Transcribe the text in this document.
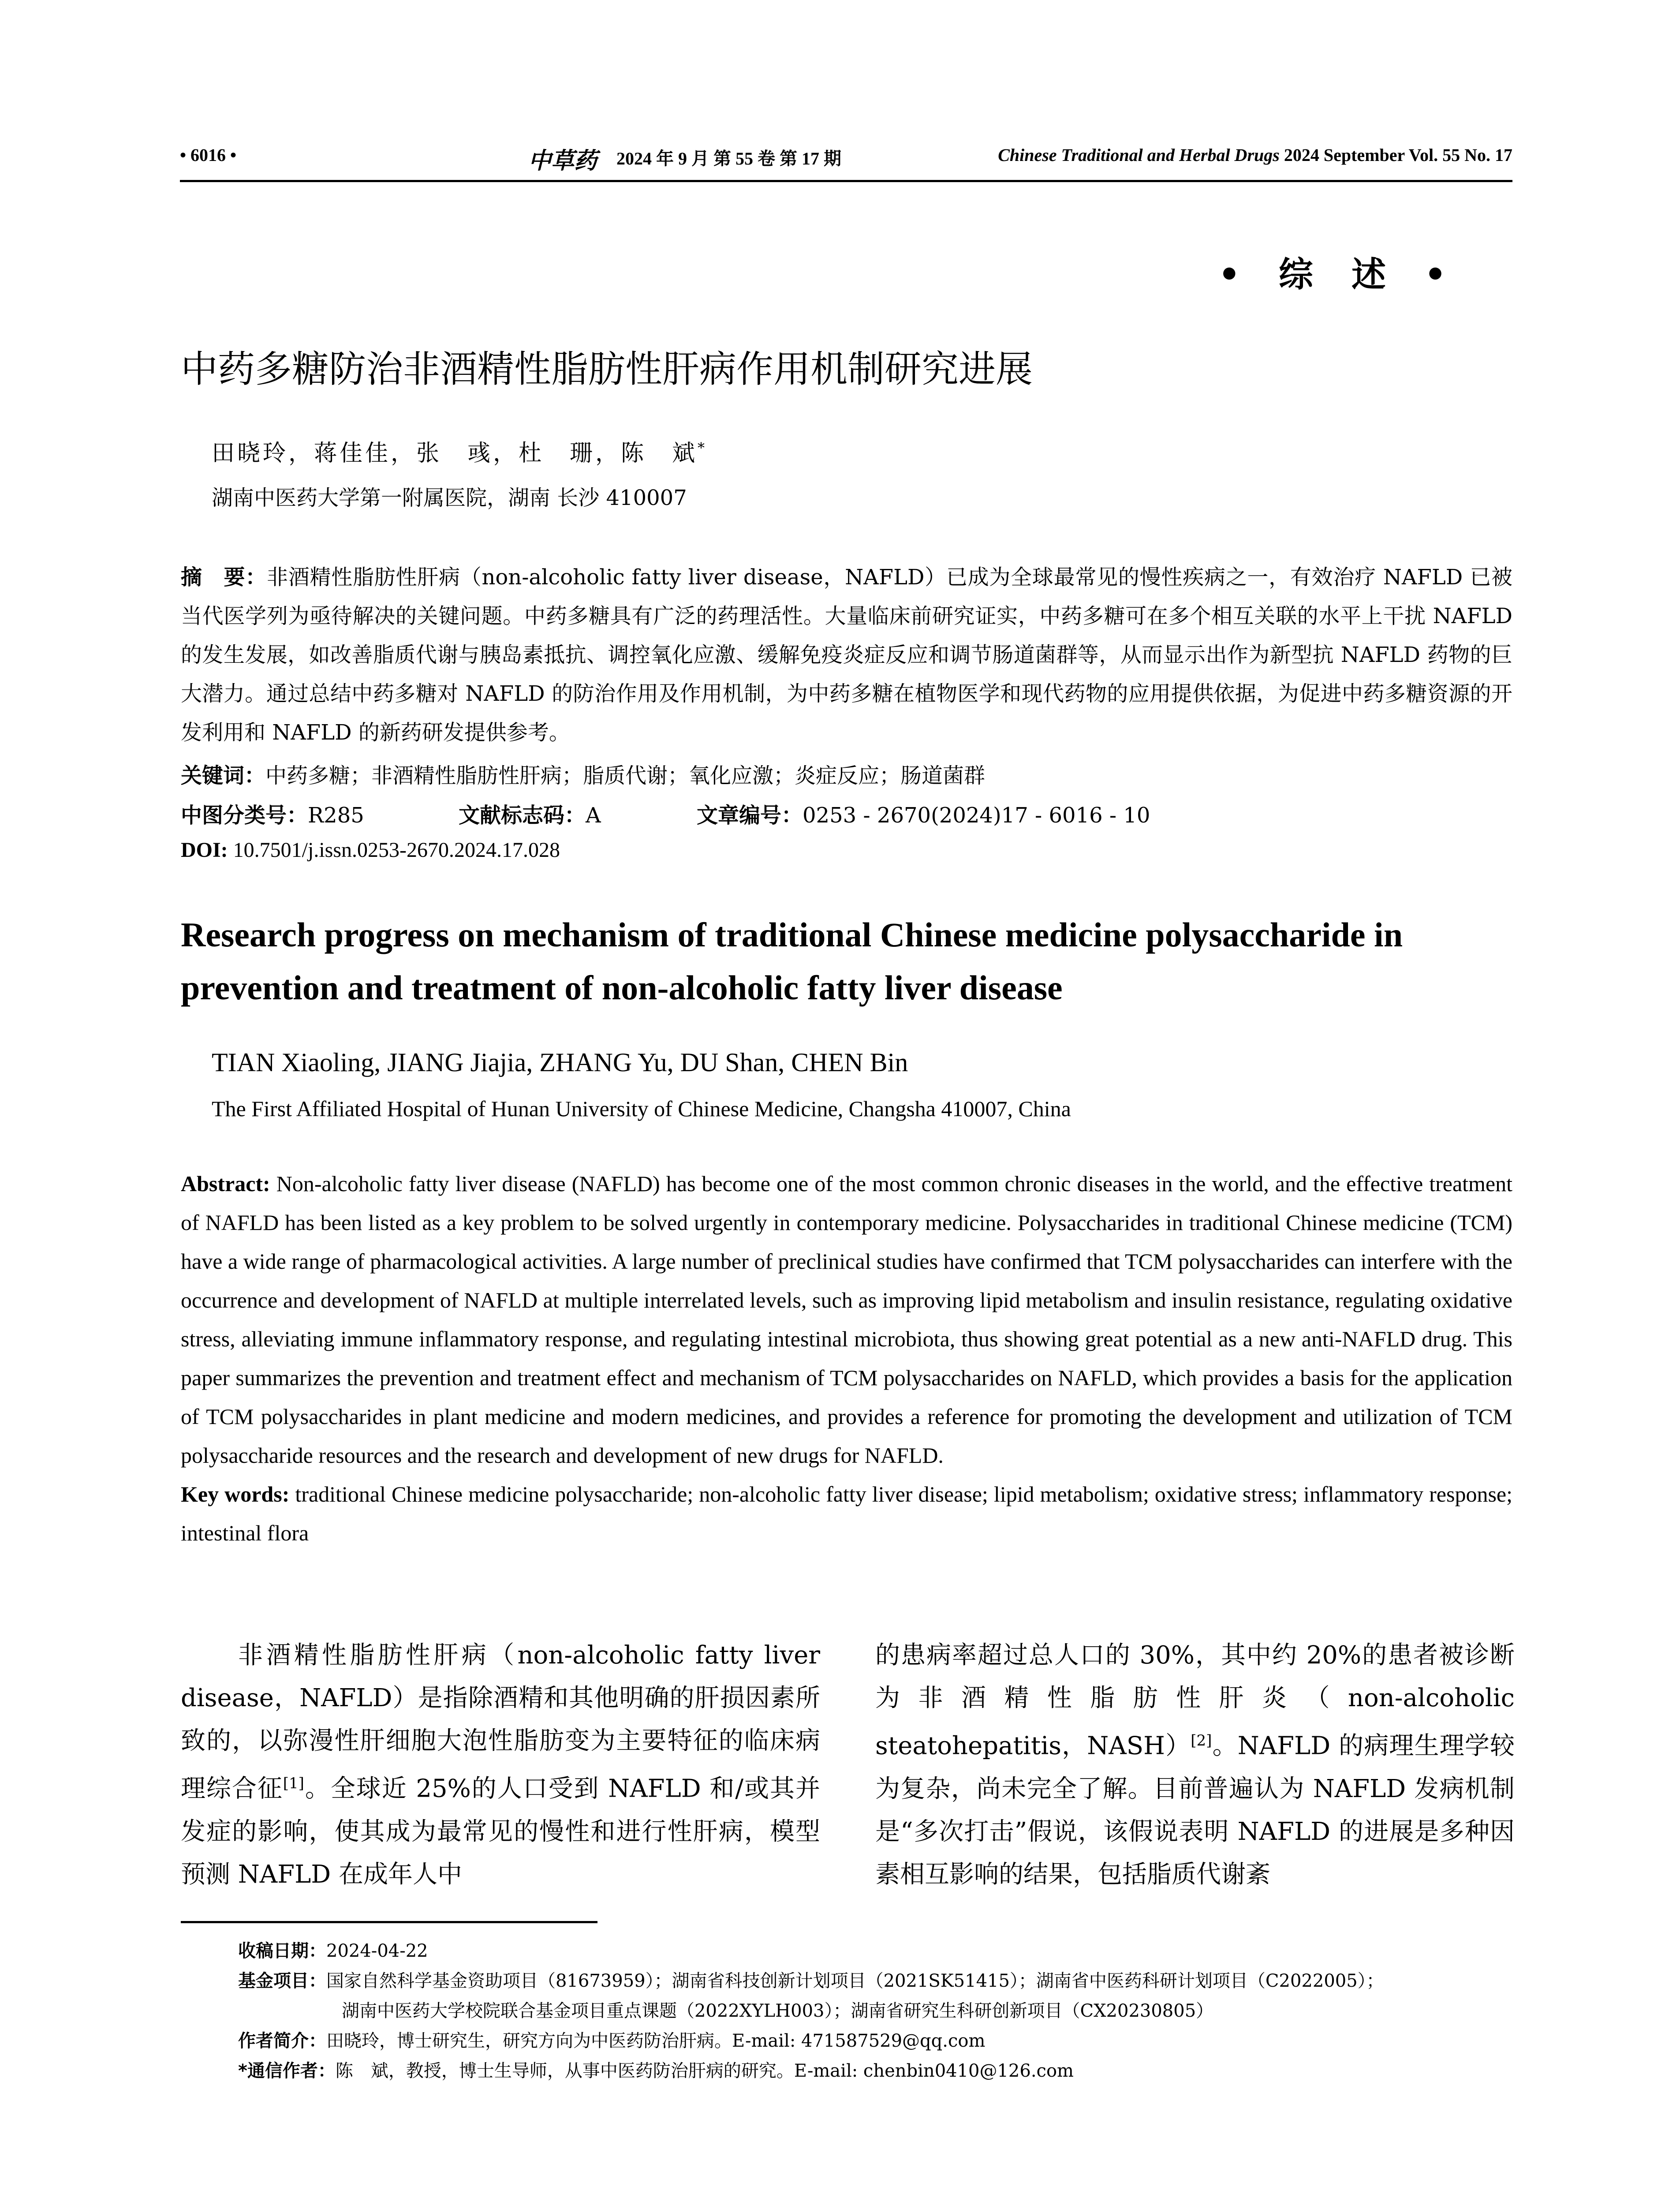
• 6016 •	中草药 2024 年 9 月 第 55 卷 第 17 期	Chinese Traditional and Herbal Drugs 2024 September Vol. 55 No. 17
• 综 述 •
中药多糖防治非酒精性脂肪性肝病作用机制研究进展
田晓玲，蒋佳佳，张　彧，杜　珊，陈　斌*
湖南中医药大学第一附属医院，湖南 长沙 410007
摘　要：非酒精性脂肪性肝病（non-alcoholic fatty liver disease，NAFLD）已成为全球最常见的慢性疾病之一，有效治疗 NAFLD 已被当代医学列为亟待解决的关键问题。中药多糖具有广泛的药理活性。大量临床前研究证实，中药多糖可在多个相互关联的水平上干扰 NAFLD 的发生发展，如改善脂质代谢与胰岛素抵抗、调控氧化应激、缓解免疫炎症反应和调节肠道菌群等，从而显示出作为新型抗 NAFLD 药物的巨大潜力。通过总结中药多糖对 NAFLD 的防治作用及作用机制，为中药多糖在植物医学和现代药物的应用提供依据，为促进中药多糖资源的开发利用和 NAFLD 的新药研发提供参考。
关键词：中药多糖；非酒精性脂肪性肝病；脂质代谢；氧化应激；炎症反应；肠道菌群
中图分类号：R285	文献标志码：A	文章编号：0253 - 2670(2024)17 - 6016 - 10
DOI: 10.7501/j.issn.0253-2670.2024.17.028
Research progress on mechanism of traditional Chinese medicine polysaccharide in prevention and treatment of non-alcoholic fatty liver disease
TIAN Xiaoling, JIANG Jiajia, ZHANG Yu, DU Shan, CHEN Bin
The First Affiliated Hospital of Hunan University of Chinese Medicine, Changsha 410007, China
Abstract: Non-alcoholic fatty liver disease (NAFLD) has become one of the most common chronic diseases in the world, and the effective treatment of NAFLD has been listed as a key problem to be solved urgently in contemporary medicine. Polysaccharides in traditional Chinese medicine (TCM) have a wide range of pharmacological activities. A large number of preclinical studies have confirmed that TCM polysaccharides can interfere with the occurrence and development of NAFLD at multiple interrelated levels, such as improving lipid metabolism and insulin resistance, regulating oxidative stress, alleviating immune inflammatory response, and regulating intestinal microbiota, thus showing great potential as a new anti-NAFLD drug. This paper summarizes the prevention and treatment effect and mechanism of TCM polysaccharides on NAFLD, which provides a basis for the application of TCM polysaccharides in plant medicine and modern medicines, and provides a reference for promoting the development and utilization of TCM polysaccharide resources and the research and development of new drugs for NAFLD.
Key words: traditional Chinese medicine polysaccharide; non-alcoholic fatty liver disease; lipid metabolism; oxidative stress; inflammatory response; intestinal flora
非酒精性脂肪性肝病（non-alcoholic fatty liver disease，NAFLD）是指除酒精和其他明确的肝损因素所致的，以弥漫性肝细胞大泡性脂肪变为主要特征的临床病理综合征[1]。全球近 25%的人口受到 NAFLD 和/或其并发症的影响，使其成为最常见的慢性和进行性肝病，模型预测 NAFLD 在成年人中
的患病率超过总人口的 30%，其中约 20%的患者被诊断为非酒精性脂肪性肝炎（non-alcoholic steatohepatitis，NASH）[2]。NAFLD 的病理生理学较为复杂，尚未完全了解。目前普遍认为 NAFLD 发病机制是“多次打击”假说，该假说表明 NAFLD 的进展是多种因素相互影响的结果，包括脂质代谢紊
收稿日期：2024-04-22
基金项目：国家自然科学基金资助项目（81673959）；湖南省科技创新计划项目（2021SK51415）；湖南省中医药科研计划项目（C2022005）；
湖南中医药大学校院联合基金项目重点课题（2022XYLH003）；湖南省研究生科研创新项目（CX20230805）
作者简介：田晓玲，博士研究生，研究方向为中医药防治肝病。E-mail: 471587529@qq.com
*通信作者：陈　斌，教授，博士生导师，从事中医药防治肝病的研究。E-mail: chenbin0410@126.com
